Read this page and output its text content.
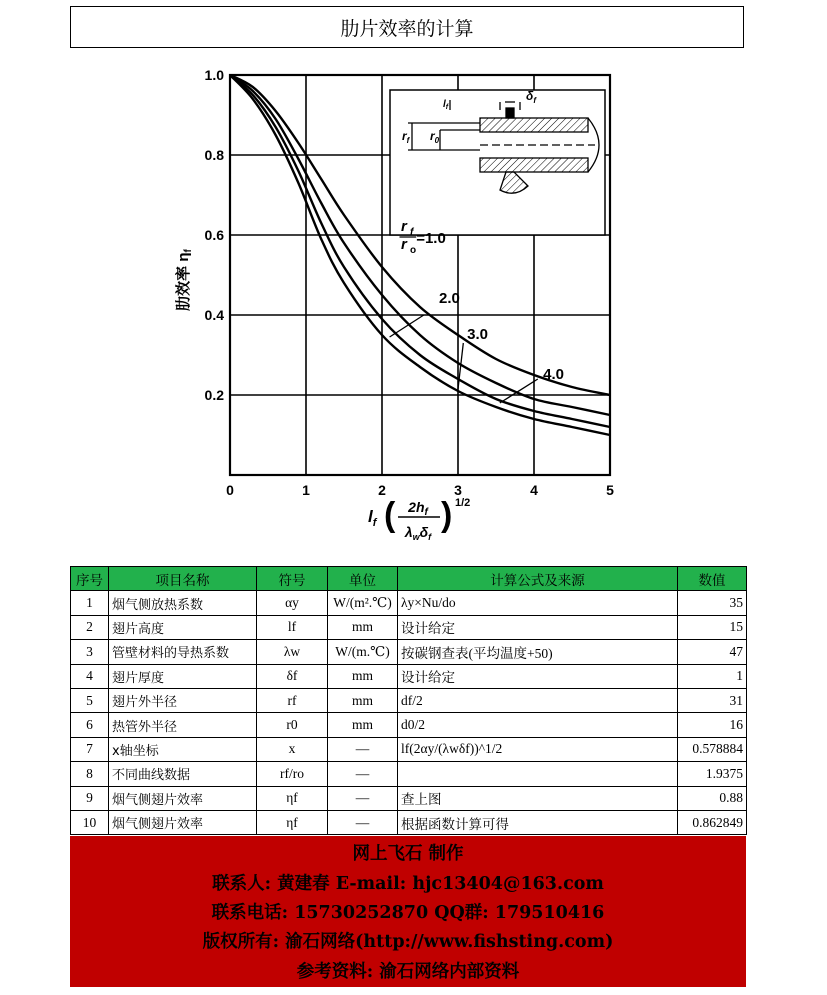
肋片效率的计算
0	1	2	3	4	5
1.0
0.8
0.6
0.4
0.2
肋效率 $\eta_f$
$l_f$ ( $2h_f$
$\lambda_w\delta_f$
) 1/2
$r_f$ $r_0$
$l_f$
$\delta_f$
r f
r o
=1.0
2.0
3.0
4.0
序号	项目名称	符号	单位	计算公式及来源	数值
1	烟气侧放热系数	αy	W/(m².℃)	λy×Nu/do	35
2	翅片高度	lf	mm	设计给定	15
3	管壁材料的导热系数	λw	W/(m.℃)	按碳钢查表(平均温度+50)	47
4	翅片厚度	δf	mm	设计给定	1
5	翅片外半径	rf	mm	df/2	31
6	热管外半径	r0	mm	d0/2	16
7	x轴坐标	x	—	lf(2αy/(λwδf))^1/2	0.578884
8	不同曲线数据	rf/ro	—		1.9375
9	烟气侧翅片效率	ηf	—	查上图	0.88
10	烟气侧翅片效率	ηf	—	根据函数计算可得	0.862849
网上飞石 制作
联系人: 黄建春 E-mail: hjc13404@163.com
联系电话: 15730252870 QQ群: 179510416
版权所有: 渝石网络(http://www.fishsting.com)
参考资料: 渝石网络内部资料
